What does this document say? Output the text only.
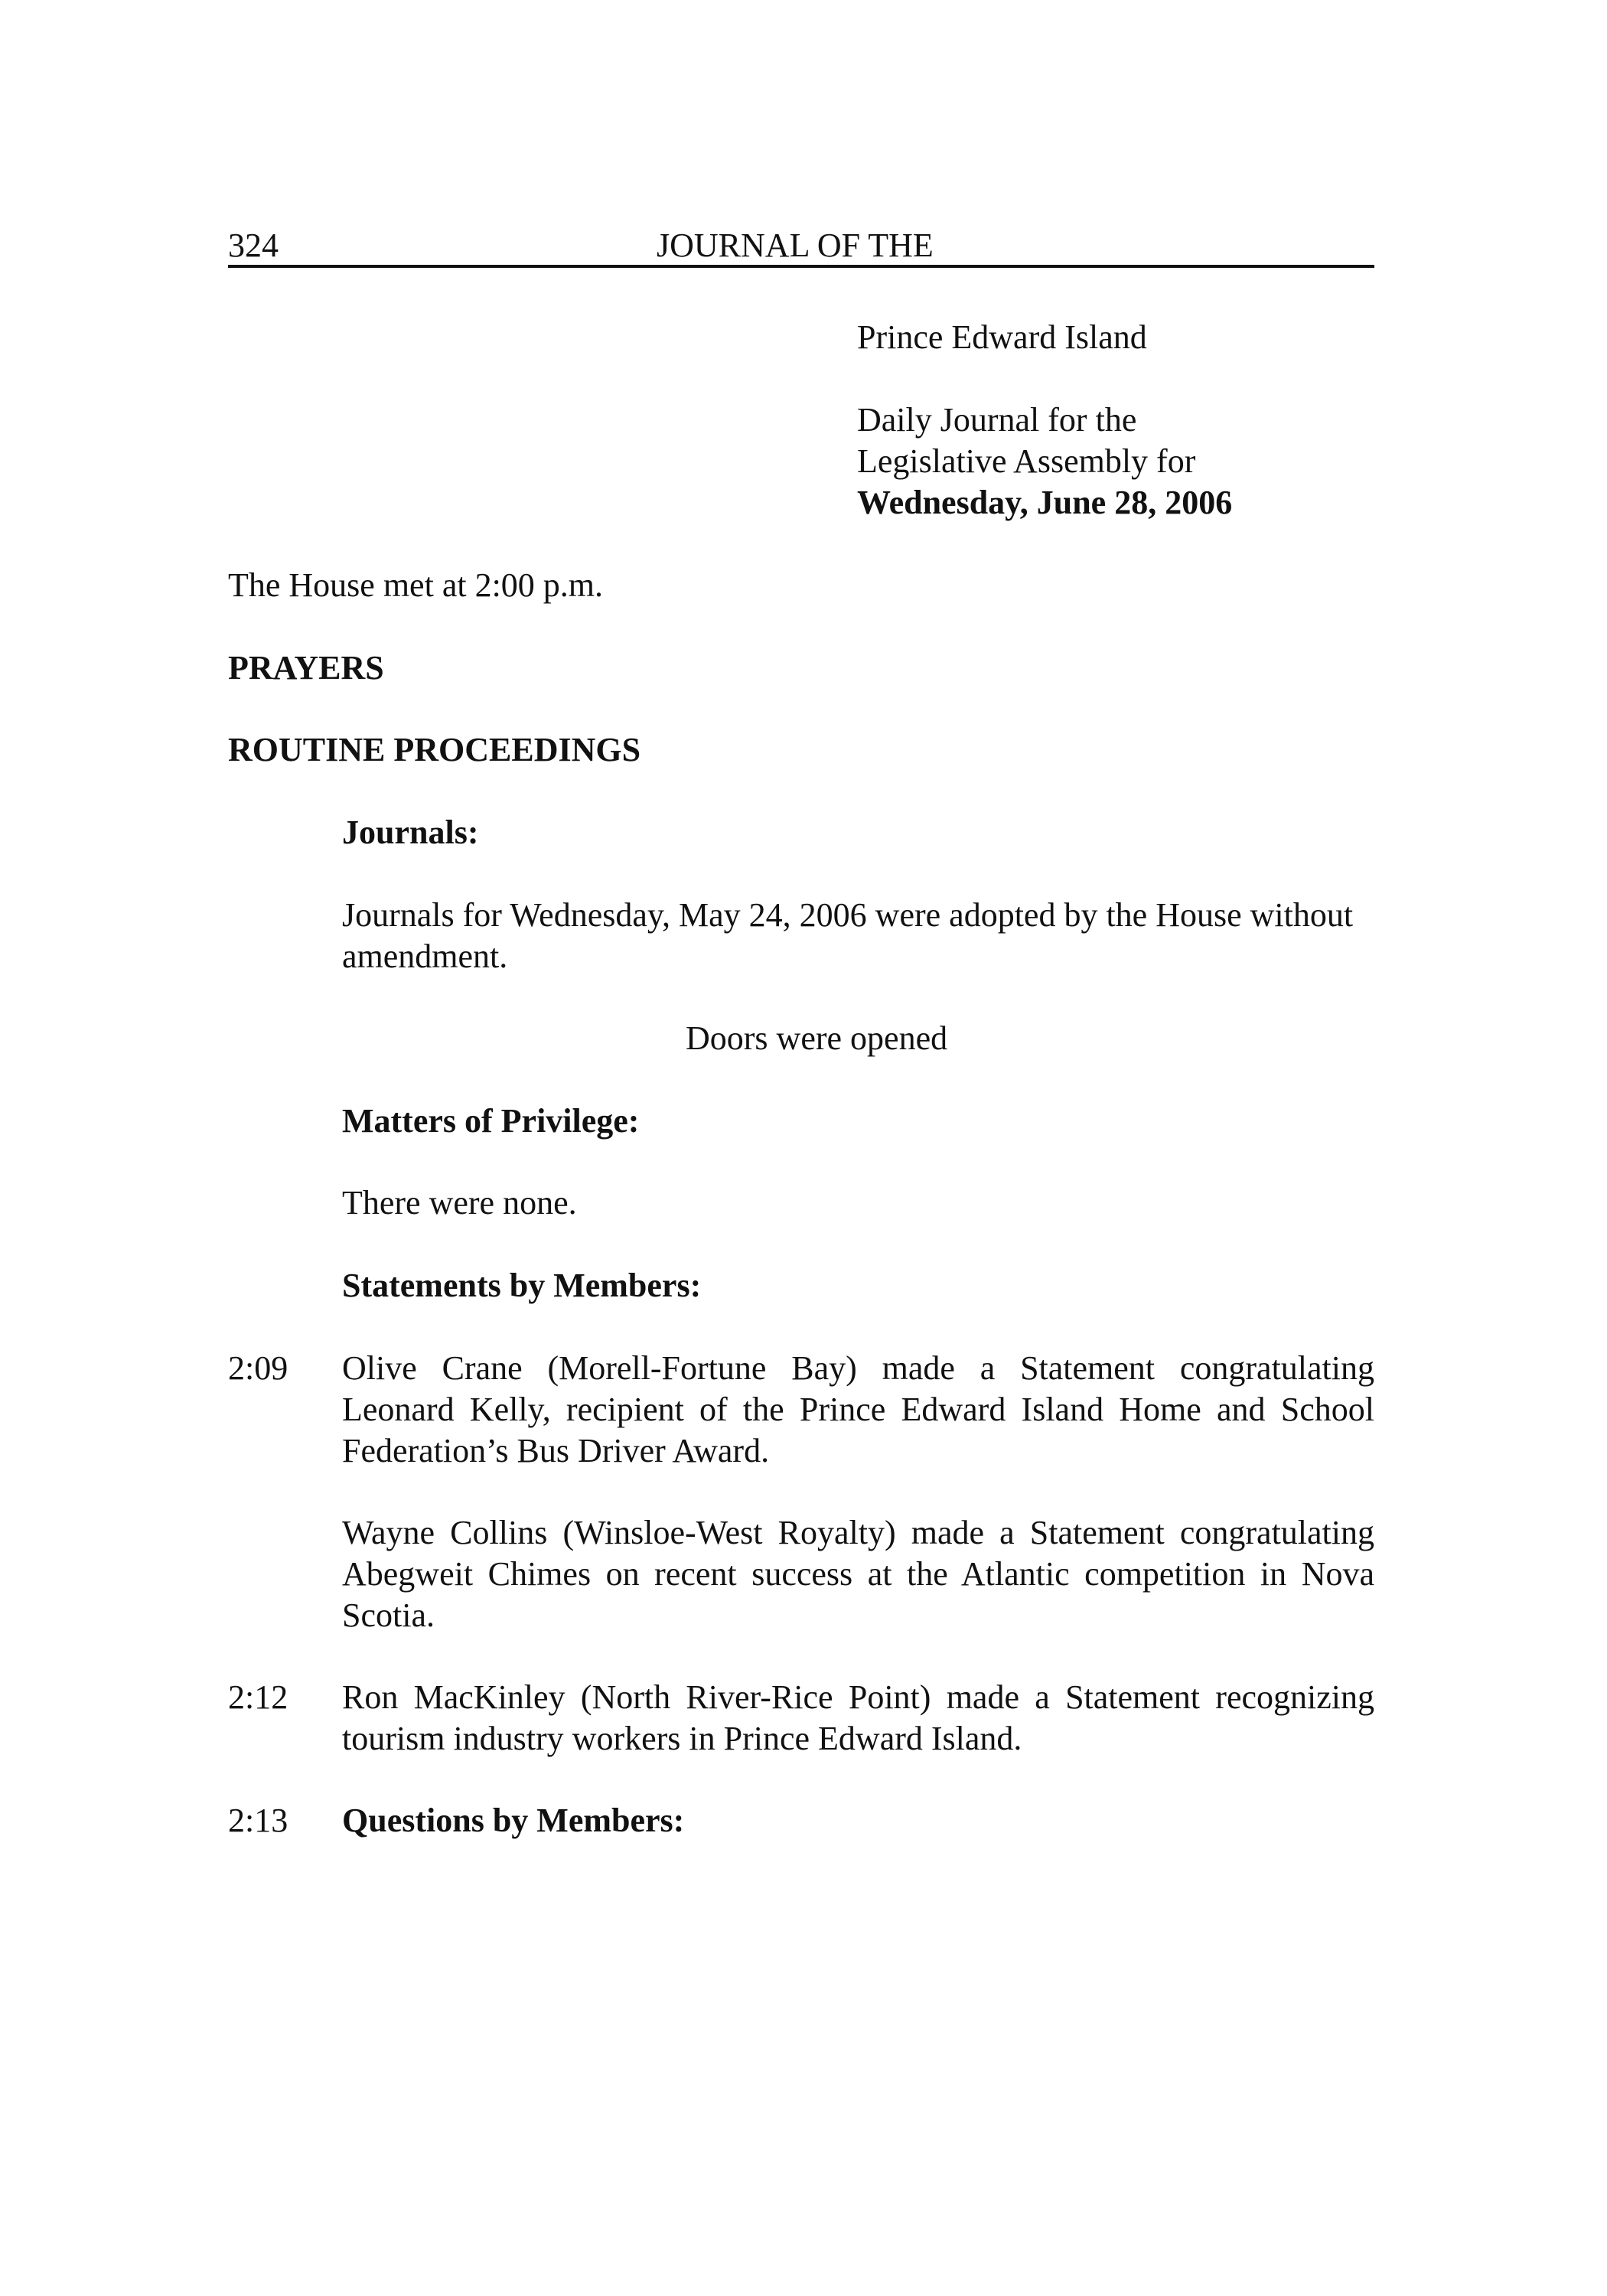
324	JOURNAL OF THE
Prince Edward Island
Daily Journal for the
Legislative Assembly for
Wednesday, June 28, 2006
The House met at 2:00 p.m.
PRAYERS
ROUTINE PROCEEDINGS
Journals:
Journals for Wednesday, May 24, 2006 were adopted by the House without
amendment.
Doors were opened
Matters of Privilege:
There were none.
Statements by Members:
2:09 Olive Crane (Morell-Fortune Bay) made a Statement congratulating
Leonard Kelly, recipient of the Prince Edward Island Home and School
Federation’s Bus Driver Award.
Wayne Collins (Winsloe-West Royalty) made a Statement congratulating
Abegweit Chimes on recent success at the Atlantic competition in Nova
Scotia.
2:12 Ron MacKinley (North River-Rice Point) made a Statement recognizing
tourism industry workers in Prince Edward Island.
2:13 Questions by Members:
